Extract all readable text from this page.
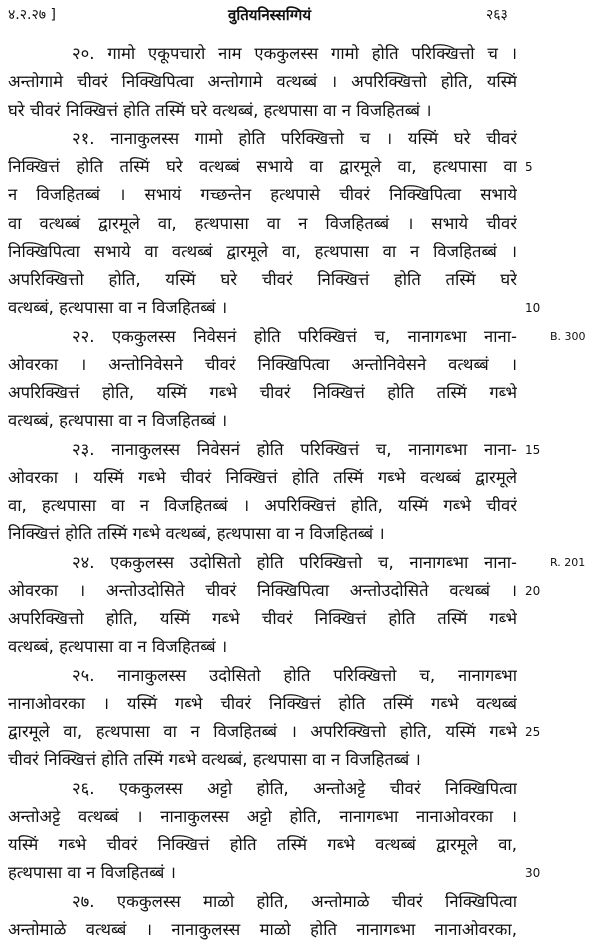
४.२.२७ ]	वुतियनिस्सग्गियं	२६३
२०. गामो एकूपचारो नाम एककुलस्स गामो होति परिक्खित्तो च ।
अन्तोगामे चीवरं निक्खिपित्वा अन्तोगामे वत्थब्बं । अपरिक्खित्तो होति, यस्मिं
घरे चीवरं निक्खित्तं होति तस्मिं घरे वत्थब्बं, हत्थपासा वा न विजहितब्बं ।
२१. नानाकुलस्स गामो होति परिक्खित्तो च । यस्मिं घरे चीवरं
निक्खित्तं होति तस्मिं घरे वत्थब्बं सभाये वा द्वारमूले वा, हत्थपासा वा
न विजहितब्बं । सभायं गच्छन्तेन हत्थपासे चीवरं निक्खिपित्वा सभाये
वा वत्थब्बं द्वारमूले वा, हत्थपासा वा न विजहितब्बं । सभाये चीवरं
निक्खिपित्वा सभाये वा वत्थब्बं द्वारमूले वा, हत्थपासा वा न विजहितब्बं ।
अपरिक्खित्तो होति, यस्मिं घरे चीवरं निक्खित्तं होति तस्मिं घरे
वत्थब्बं, हत्थपासा वा न विजहितब्बं ।
२२. एककुलस्स निवेसनं होति परिक्खित्तं च, नानागब्भा नाना-
ओवरका । अन्तोनिवेसने चीवरं निक्खिपित्वा अन्तोनिवेसने वत्थब्बं ।
अपरिक्खित्तं होति, यस्मिं गब्भे चीवरं निक्खित्तं होति तस्मिं गब्भे
वत्थब्बं, हत्थपासा वा न विजहितब्बं ।
२३. नानाकुलस्स निवेसनं होति परिक्खित्तं च, नानागब्भा नाना-
ओवरका । यस्मिं गब्भे चीवरं निक्खित्तं होति तस्मिं गब्भे वत्थब्बं द्वारमूले
वा, हत्थपासा वा न विजहितब्बं । अपरिक्खित्तं होति, यस्मिं गब्भे चीवरं
निक्खित्तं होति तस्मिं गब्भे वत्थब्बं, हत्थपासा वा न विजहितब्बं ।
२४. एककुलस्स उदोसितो होति परिक्खित्तो च, नानागब्भा नाना-
ओवरका । अन्तोउदोसिते चीवरं निक्खिपित्वा अन्तोउदोसिते वत्थब्बं ।
अपरिक्खित्तो होति, यस्मिं गब्भे चीवरं निक्खित्तं होति तस्मिं गब्भे
वत्थब्बं, हत्थपासा वा न विजहितब्बं ।
२५. नानाकुलस्स उदोसितो होति परिक्खित्तो च, नानागब्भा
नानाओवरका । यस्मिं गब्भे चीवरं निक्खित्तं होति तस्मिं गब्भे वत्थब्बं
द्वारमूले वा, हत्थपासा वा न विजहितब्बं । अपरिक्खित्तो होति, यस्मिं गब्भे
चीवरं निक्खित्तं होति तस्मिं गब्भे वत्थब्बं, हत्थपासा वा न विजहितब्बं ।
२६. एककुलस्स अट्टो होति, अन्तोअट्टे चीवरं निक्खिपित्वा
अन्तोअट्टे वत्थब्बं । नानाकुलस्स अट्टो होति, नानागब्भा नानाओवरका ।
यस्मिं गब्भे चीवरं निक्खित्तं होति तस्मिं गब्भे वत्थब्बं द्वारमूले वा,
हत्थपासा वा न विजहितब्बं ।
२७. एककुलस्स माळो होति, अन्तोमाळे चीवरं निक्खिपित्वा
अन्तोमाळे वत्थब्बं । नानाकुलस्स माळो होति नानागब्भा नानाओवरका,
5
10
15
20
25
30
B. 300
R. 201
